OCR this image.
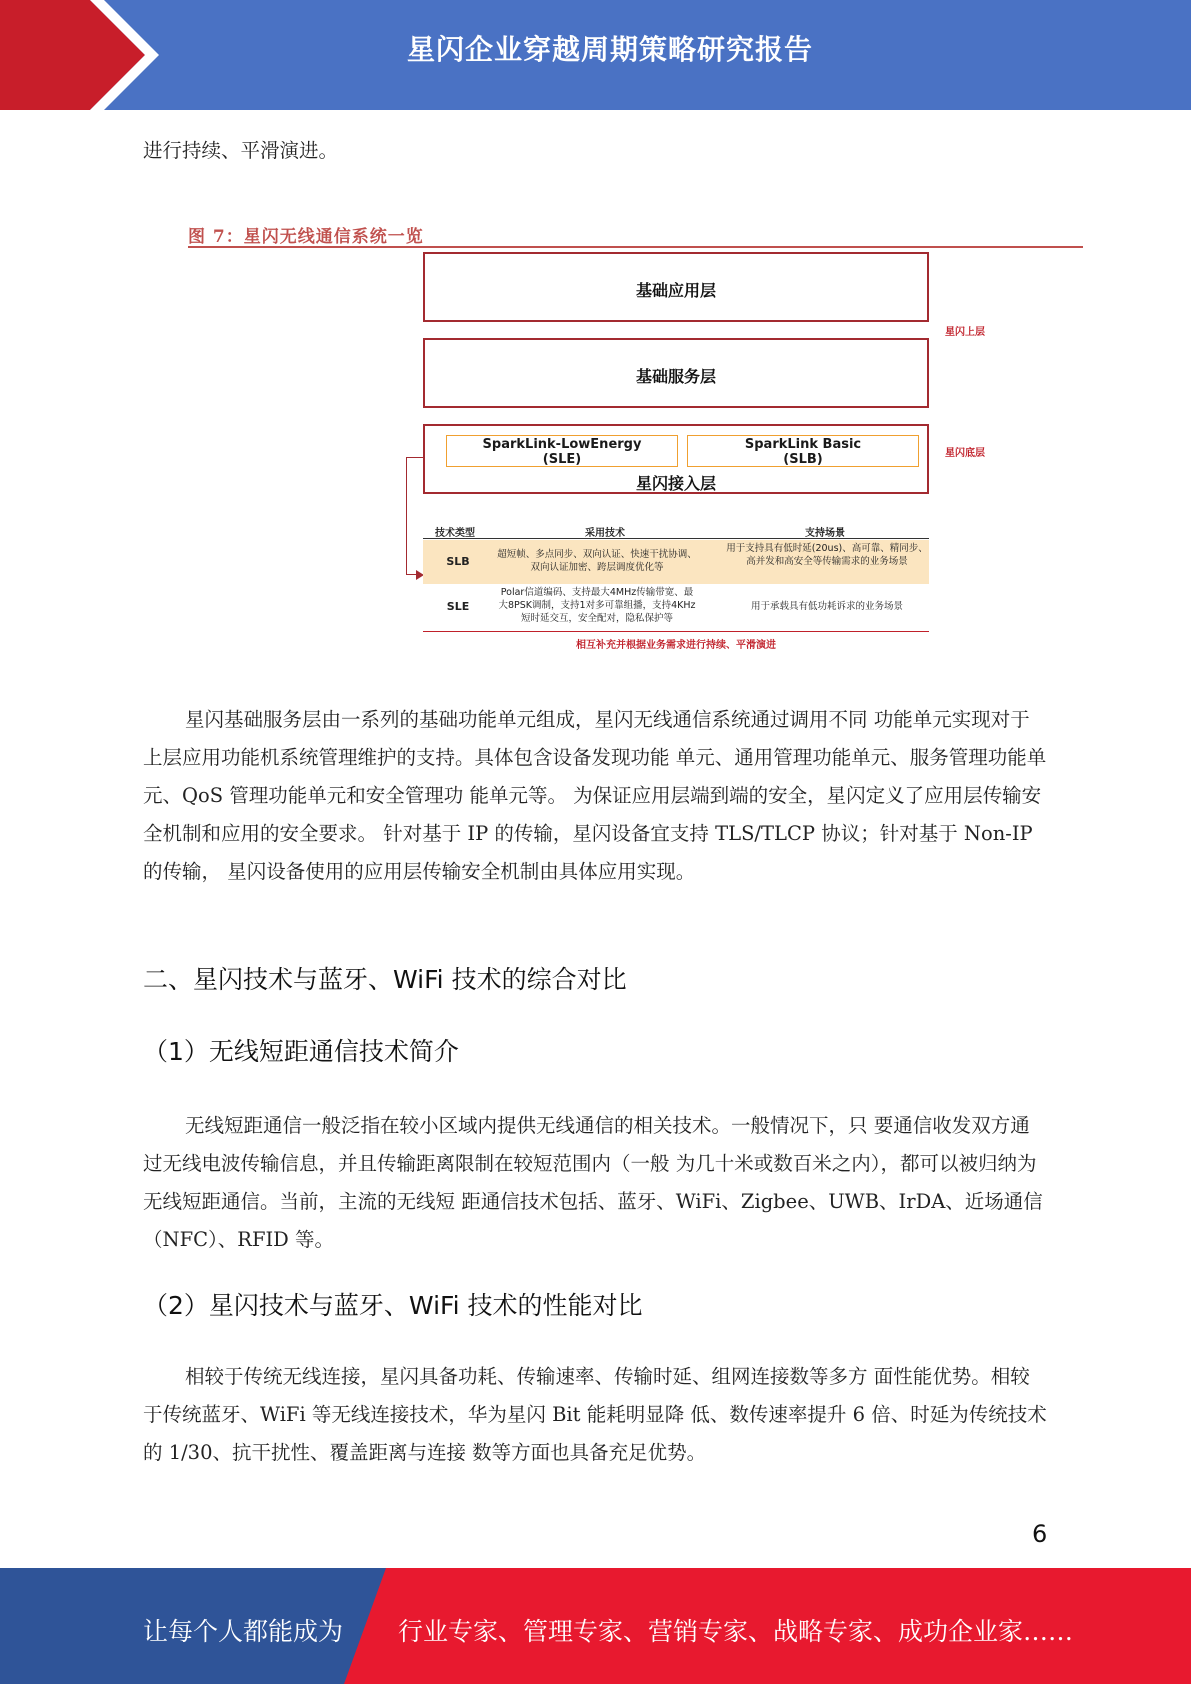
星闪企业穿越周期策略研究报告
进行持续、平滑演进。
图 7：星闪无线通信系统一览
基础应用层
基础服务层
SparkLink-LowEnergy
(SLE)
SparkLink Basic
(SLB)
星闪接入层
星闪上层
星闪底层
技术类型	采用技术	支持场景
SLB
超短帧、多点同步、双向认证、快速干扰协调、双向认证加密、跨层调度优化等
用于支持具有低时延(20us)、高可靠、精同步、高并发和高安全等传输需求的业务场景
SLE
Polar信道编码、支持最大4MHz传输带宽、最大8PSK调制，支持1对多可靠组播，支持4KHz短时延交互，安全配对，隐私保护等
用于承载具有低功耗诉求的业务场景
相互补充并根据业务需求进行持续、平滑演进
星闪基础服务层由一系列的基础功能单元组成，星闪无线通信系统通过调用不同 功能单元实现对于上层应用功能机系统管理维护的支持。具体包含设备发现功能 单元、通用管理功能单元、服务管理功能单元、QoS 管理功能单元和安全管理功 能单元等。 为保证应用层端到端的安全，星闪定义了应用层传输安全机制和应用的安全要求。 针对基于 IP 的传输，星闪设备宜支持 TLS/TLCP 协议；针对基于 Non-IP 的传输， 星闪设备使用的应用层传输安全机制由具体应用实现。
二、星闪技术与蓝牙、WiFi 技术的综合对比
（1）无线短距通信技术简介
无线短距通信一般泛指在较小区域内提供无线通信的相关技术。一般情况下，只 要通信收发双方通过无线电波传输信息，并且传输距离限制在较短范围内（一般 为几十米或数百米之内），都可以被归纳为无线短距通信。当前，主流的无线短 距通信技术包括、蓝牙、WiFi、Zigbee、UWB、IrDA、近场通信（NFC）、RFID 等。
（2）星闪技术与蓝牙、WiFi 技术的性能对比
相较于传统无线连接，星闪具备功耗、传输速率、传输时延、组网连接数等多方 面性能优势。相较于传统蓝牙、WiFi 等无线连接技术，华为星闪 Bit 能耗明显降 低、数传速率提升 6 倍、时延为传统技术的 1/30、抗干扰性、覆盖距离与连接 数等方面也具备充足优势。
6
让每个人都能成为 行业专家、管理专家、营销专家、战略专家、成功企业家……
